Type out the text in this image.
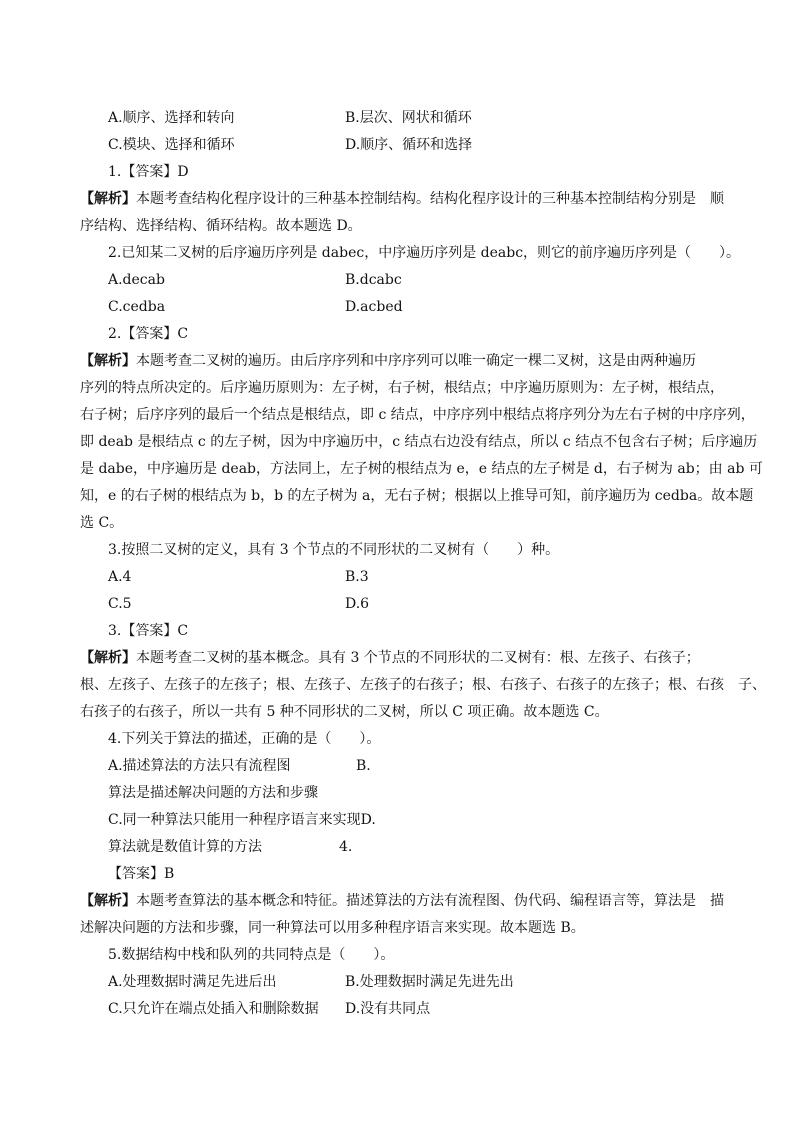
A.顺序、选择和转向	B.层次、网状和循环
C.模块、选择和循环	D.顺序、循环和选择
1.【答案】D
【解析】本题考查结构化程序设计的三种基本控制结构。结构化程序设计的三种基本控制结构分别是　顺
序结构、选择结构、循环结构。故本题选 D。
2.已知某二叉树的后序遍历序列是 dabec，中序遍历序列是 deabc，则它的前序遍历序列是（　　）。
A.decab	B.dcabc
C.cedba	D.acbed
2.【答案】C
【解析】本题考查二叉树的遍历。由后序序列和中序序列可以唯一确定一棵二叉树，这是由两种遍历
序列的特点所决定的。后序遍历原则为：左子树，右子树，根结点；中序遍历原则为：左子树，根结点，
右子树；后序序列的最后一个结点是根结点，即 c 结点，中序序列中根结点将序列分为左右子树的中序序列，
即 deab 是根结点 c 的左子树，因为中序遍历中，c 结点右边没有结点，所以 c 结点不包含右子树；后序遍历
是 dabe，中序遍历是 deab，方法同上，左子树的根结点为 e，e 结点的左子树是 d，右子树为 ab；由 ab 可
知，e 的右子树的根结点为 b，b 的左子树为 a，无右子树；根据以上推导可知，前序遍历为 cedba。故本题
选 C。
3.按照二叉树的定义，具有 3 个节点的不同形状的二叉树有（　　）种。
A.4	B.3
C.5	D.6
3.【答案】C
【解析】本题考查二叉树的基本概念。具有 3 个节点的不同形状的二叉树有：根、左孩子、右孩子；
根、左孩子、左孩子的左孩子；根、左孩子、左孩子的右孩子；根、右孩子、右孩子的左孩子；根、右孩　子、
右孩子的右孩子，所以一共有 5 种不同形状的二叉树，所以 C 项正确。故本题选 C。
4.下列关于算法的描述，正确的是（　　）。
A.描述算法的方法只有流程图	B.
算法是描述解决问题的方法和步骤
C.同一种算法只能用一种程序语言来实现D.
算法就是数值计算的方法	4.
【答案】B
【解析】本题考查算法的基本概念和特征。描述算法的方法有流程图、伪代码、编程语言等，算法是　描
述解决问题的方法和步骤，同一种算法可以用多种程序语言来实现。故本题选 B。
5.数据结构中栈和队列的共同特点是（　　）。
A.处理数据时满足先进后出	B.处理数据时满足先进先出
C.只允许在端点处插入和删除数据 D.没有共同点
